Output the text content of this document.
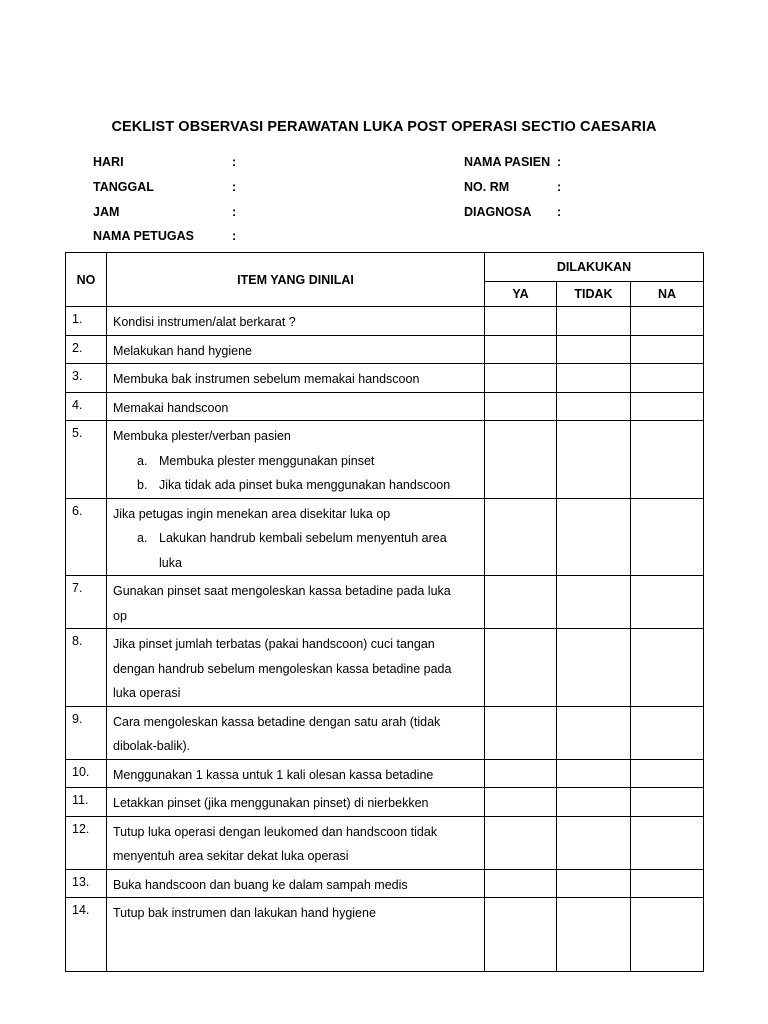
CEKLIST OBSERVASI PERAWATAN LUKA POST OPERASI SECTIO CAESARIA
HARI	:
TANGGAL	:
JAM	:
NAMA PETUGAS	:
NAMA PASIEN :
NO. RM	:
DIAGNOSA :
NO	ITEM YANG DINILAI	DILAKUKAN		
		YA	TIDAK	NA
1.	Kondisi instrumen/alat berkarat ?			

2.	Melakukan hand hygiene			

3.	Membuka bak instrumen sebelum memakai handscoon			

4.	Memakai handscoon			

5.	Membuka plester/verban pasien
a. Membuka plester menggunakan pinset
b. Jika tidak ada pinset buka menggunakan handscoon			

6.	Jika petugas ingin menekan area disekitar luka op
a. Lakukan handrub kembali sebelum menyentuh area
luka			

7.	Gunakan pinset saat mengoleskan kassa betadine pada luka
op			

8.	Jika pinset jumlah terbatas (pakai handscoon) cuci tangan
dengan handrub sebelum mengoleskan kassa betadine pada
luka operasi			

9.	Cara mengoleskan kassa betadine dengan satu arah (tidak
dibolak-balik).			

10.	Menggunakan 1 kassa untuk 1 kali olesan kassa betadine			

11.	Letakkan pinset (jika menggunakan pinset) di nierbekken			

12.	Tutup luka operasi dengan leukomed dan handscoon tidak
menyentuh area sekitar dekat luka operasi			

13.	Buka handscoon dan buang ke dalam sampah medis			

14.	Tutup bak instrumen dan lakukan hand hygiene			
